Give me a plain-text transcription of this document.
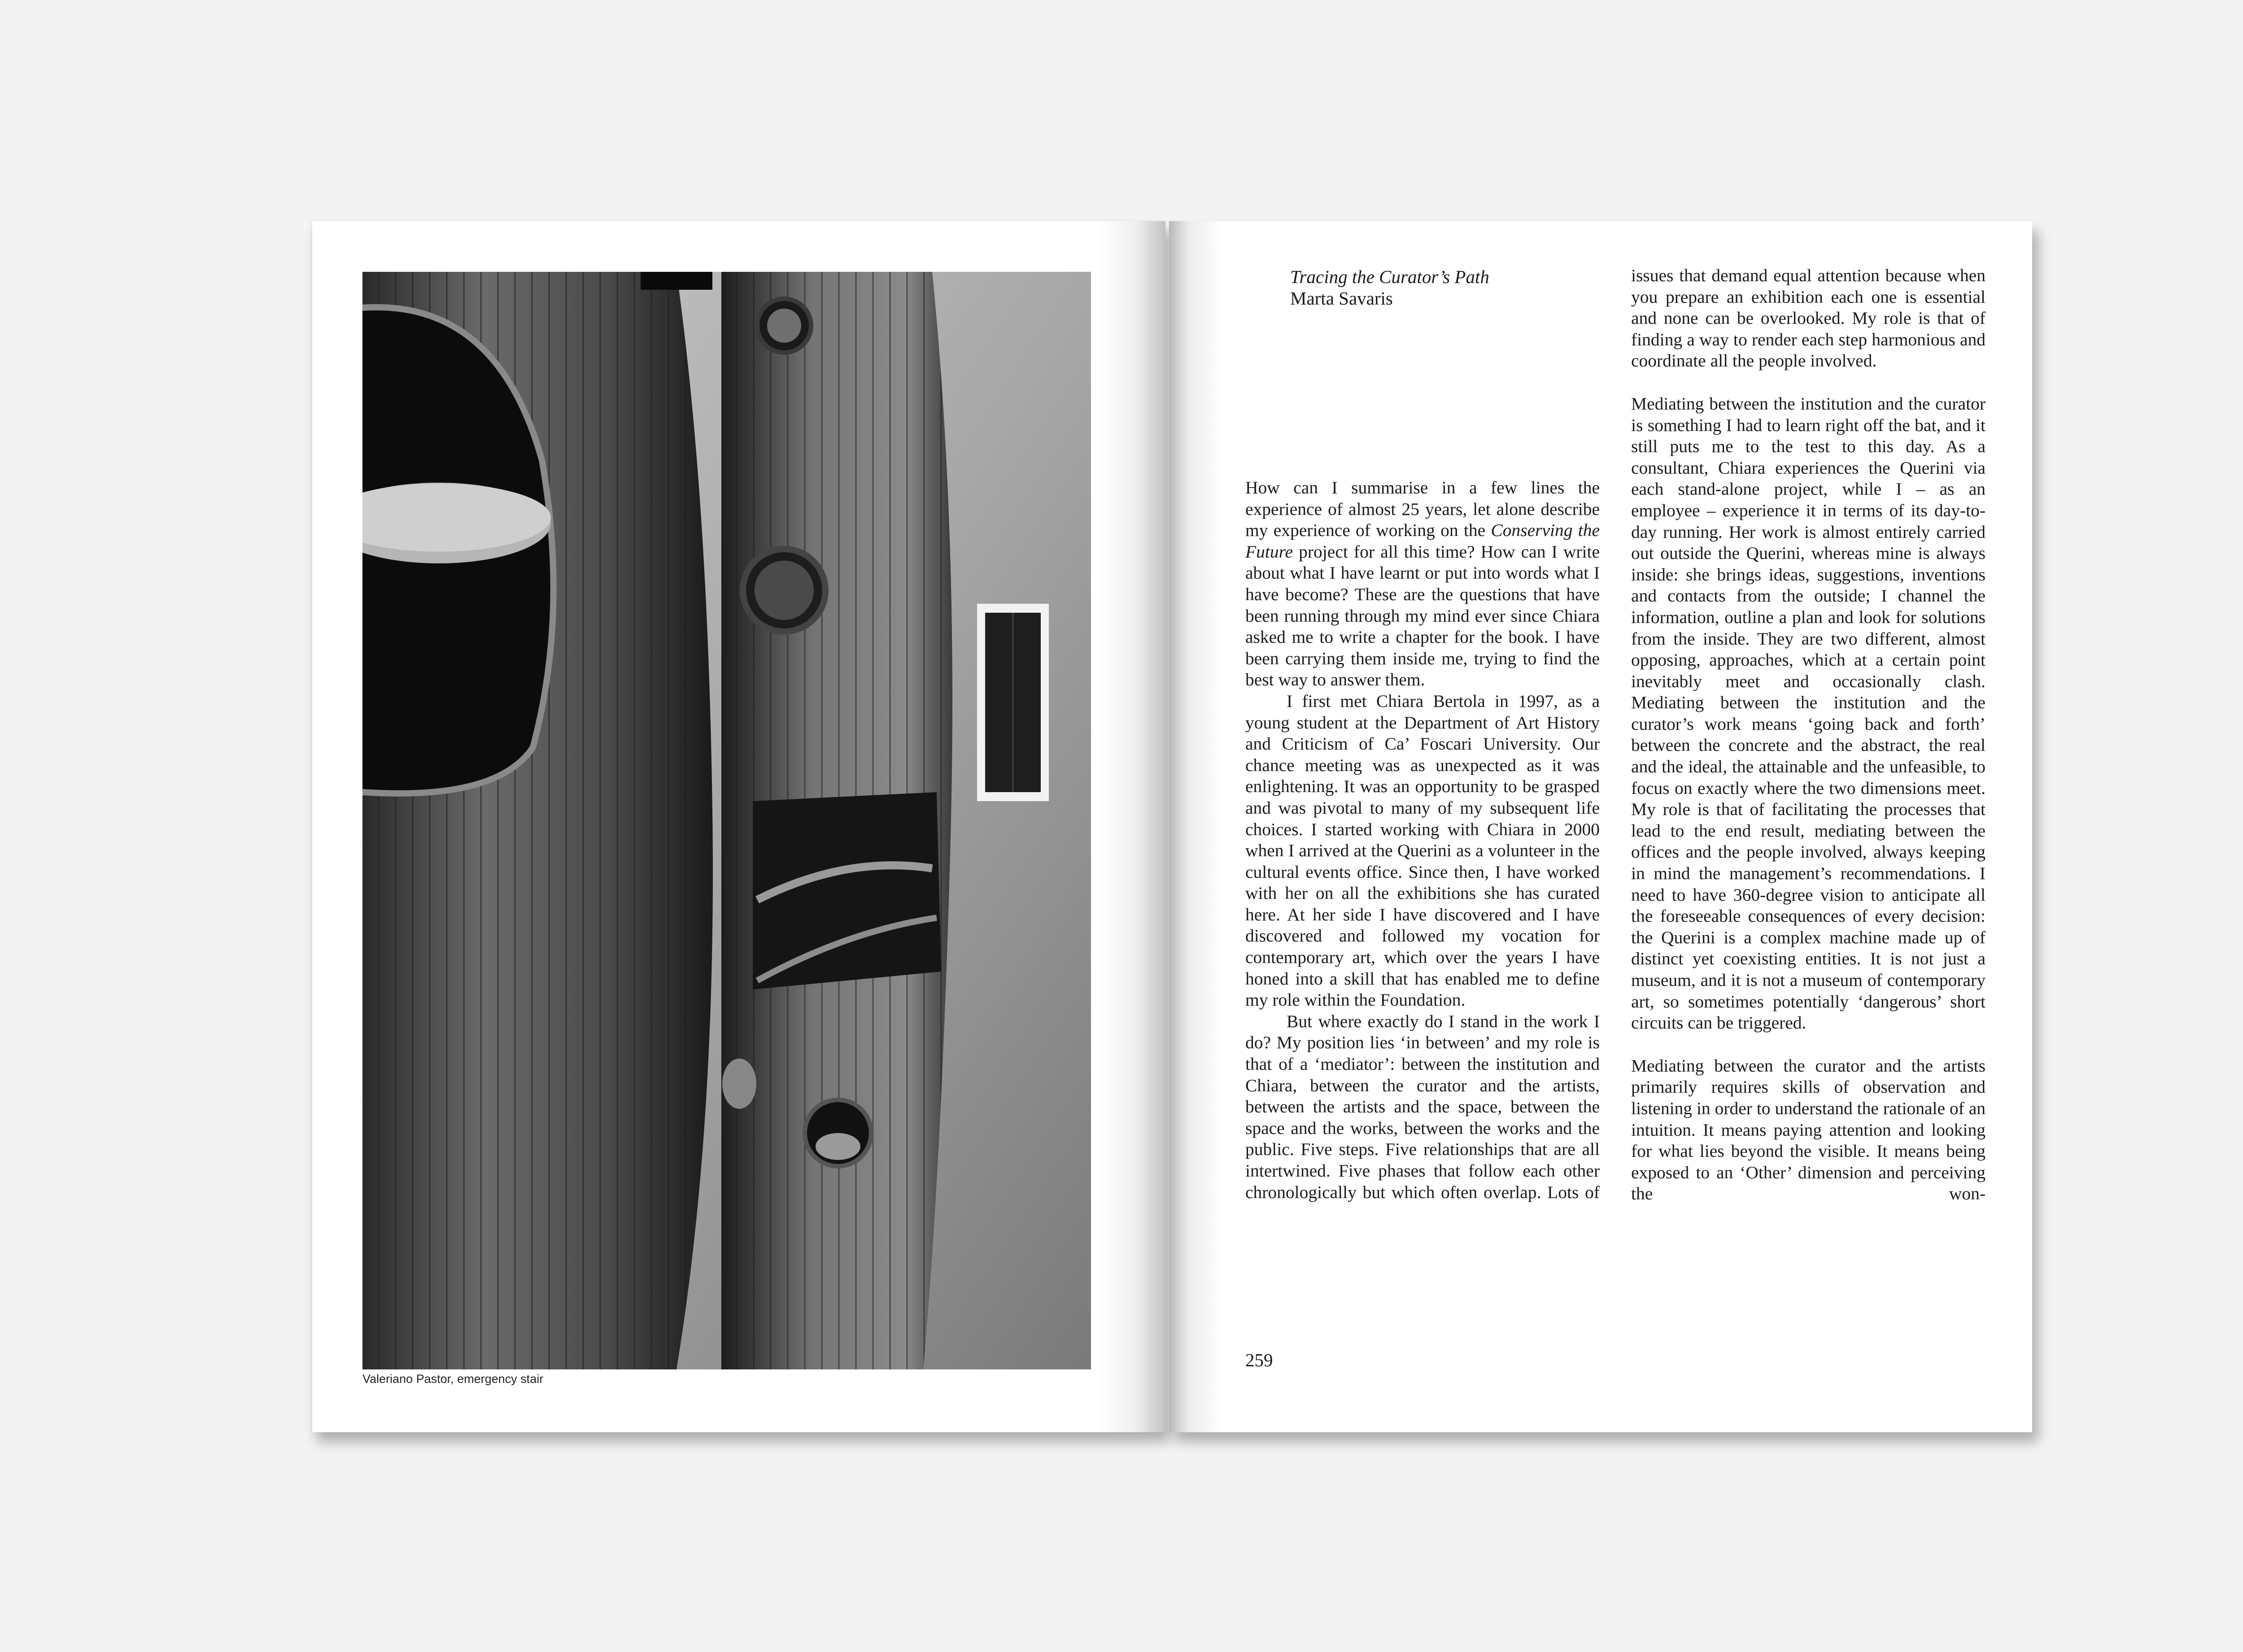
Valeriano Pastor, emergency stair
Tracing the Curator’s Path
Marta Savaris

How can I summarise in a few lines the experience of almost 25 years, let alone describe my experience of working on the Conserving the Future project for all this time? How can I write about what I have learnt or put into words what I have become? These are the questions that have been running through my mind ever since Chiara asked me to write a chapter for the book. I have been carrying them inside me, trying to find the best way to answer them.

I first met Chiara Bertola in 1997, as a young student at the Department of Art History and Criticism of Ca’ Foscari University. Our chance meeting was as unexpected as it was enlightening. It was an opportunity to be grasped and was pivotal to many of my subsequent life choices. I started working with Chiara in 2000 when I arrived at the Querini as a volunteer in the cultural events office. Since then, I have worked with her on all the exhibitions she has curated here. At her side I have discovered and I have discovered and followed my vocation for contemporary art, which over the years I have honed into a skill that has enabled me to define my role within the Foundation.

But where exactly do I stand in the work I do? My position lies ‘in between’ and my role is that of a ‘mediator’: between the institution and Chiara, between the curator and the artists, between the artists and the space, between the space and the works, between the works and the public. Five steps. Five relationships that are all intertwined. Five phases that follow each other chronologically but which often overlap. Lots of

issues that demand equal attention because when you prepare an exhibition each one is essential and none can be overlooked. My role is that of finding a way to render each step harmonious and coordinate all the people involved.

Mediating between the institution and the curator is something I had to learn right off the bat, and it still puts me to the test to this day. As a consultant, Chiara experiences the Querini via each stand-alone project, while I – as an employee – experience it in terms of its day-to-day running. Her work is almost entirely carried out outside the Querini, whereas mine is always inside: she brings ideas, suggestions, inventions and contacts from the outside; I channel the information, outline a plan and look for solutions from the inside. They are two different, almost opposing, approaches, which at a certain point inevitably meet and occasionally clash. Mediating between the institution and the curator’s work means ‘going back and forth’ between the concrete and the abstract, the real and the ideal, the attainable and the unfeasible, to focus on exactly where the two dimensions meet. My role is that of facilitating the processes that lead to the end result, mediating between the offices and the people involved, always keeping in mind the management’s recommendations. I need to have 360-degree vision to anticipate all the foreseeable consequences of every decision: the Querini is a complex machine made up of distinct yet coexisting entities. It is not just a museum, and it is not a museum of contemporary art, so sometimes potentially ‘dangerous’ short circuits can be triggered.

Mediating between the curator and the artists primarily requires skills of observation and listening in order to understand the rationale of an intuition. It means paying attention and looking for what lies beyond the visible. It means being exposed to an ‘Other’ dimension and perceiving the won-

259
